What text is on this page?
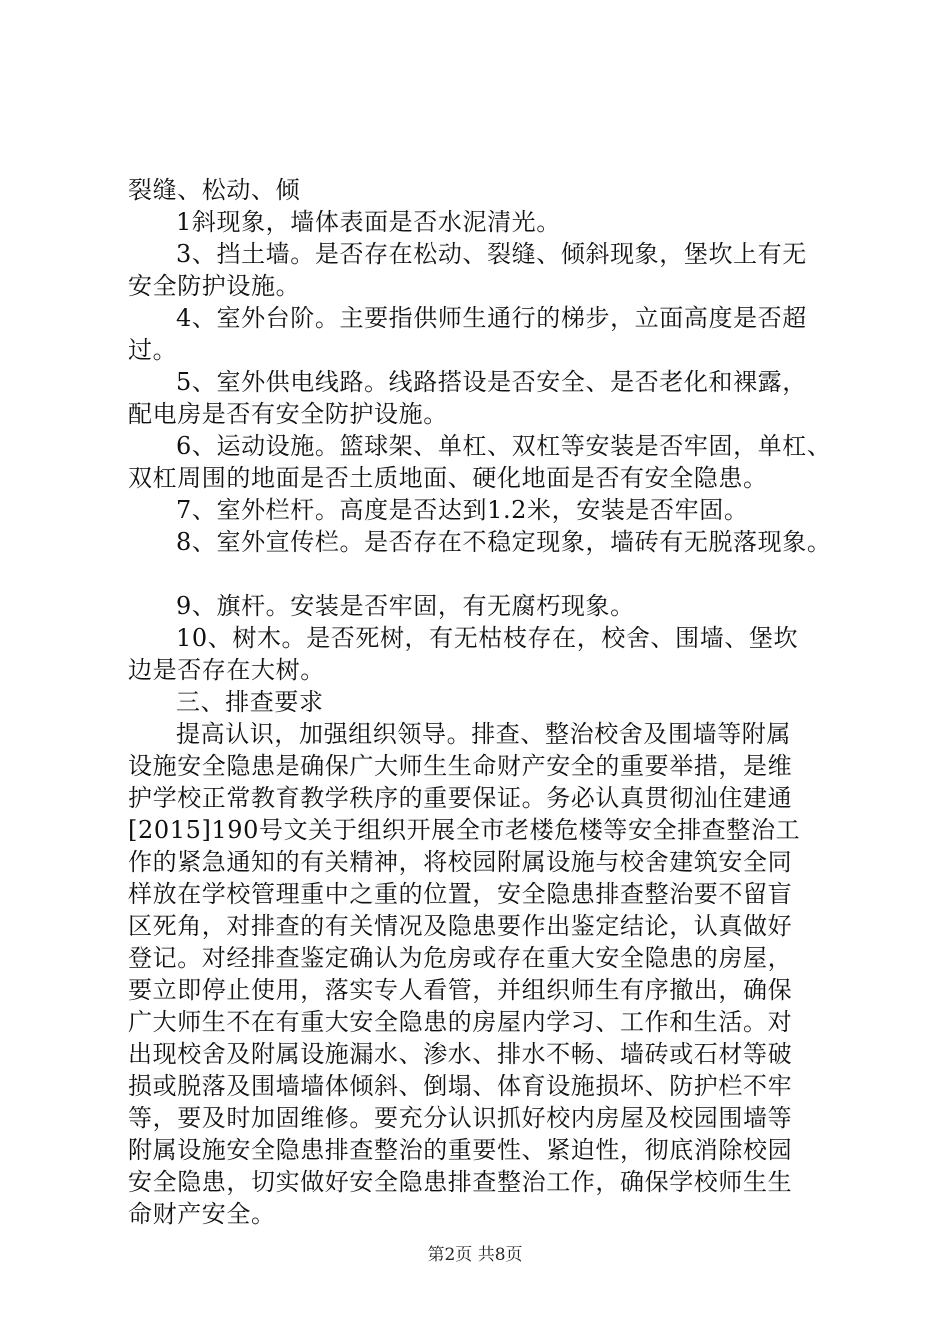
裂缝、松动、倾
1斜现象，墙体表面是否水泥清光。
3、挡土墙。是否存在松动、裂缝、倾斜现象，堡坎上有无
安全防护设施。
4、室外台阶。主要指供师生通行的梯步，立面高度是否超
过。
5、室外供电线路。线路搭设是否安全、是否老化和裸露，
配电房是否有安全防护设施。
6、运动设施。篮球架、单杠、双杠等安装是否牢固，单杠、
双杠周围的地面是否土质地面、硬化地面是否有安全隐患。
7、室外栏杆。高度是否达到1.2米，安装是否牢固。
8、室外宣传栏。是否存在不稳定现象，墙砖有无脱落现象。
9、旗杆。安装是否牢固，有无腐朽现象。
10、树木。是否死树，有无枯枝存在，校舍、围墙、堡坎
边是否存在大树。
三、排查要求
提高认识，加强组织领导。排查、整治校舍及围墙等附属
设施安全隐患是确保广大师生生命财产安全的重要举措，是维
护学校正常教育教学秩序的重要保证。务必认真贯彻汕住建通
[2015]190号文关于组织开展全市老楼危楼等安全排查整治工
作的紧急通知的有关精神，将校园附属设施与校舍建筑安全同
样放在学校管理重中之重的位置，安全隐患排查整治要不留盲
区死角，对排查的有关情况及隐患要作出鉴定结论，认真做好
登记。对经排查鉴定确认为危房或存在重大安全隐患的房屋，
要立即停止使用，落实专人看管，并组织师生有序撤出，确保
广大师生不在有重大安全隐患的房屋内学习、工作和生活。对
出现校舍及附属设施漏水、渗水、排水不畅、墙砖或石材等破
损或脱落及围墙墙体倾斜、倒塌、体育设施损坏、防护栏不牢
等，要及时加固维修。要充分认识抓好校内房屋及校园围墙等
附属设施安全隐患排查整治的重要性、紧迫性，彻底消除校园
安全隐患，切实做好安全隐患排查整治工作，确保学校师生生
命财产安全。
第2页 共8页
